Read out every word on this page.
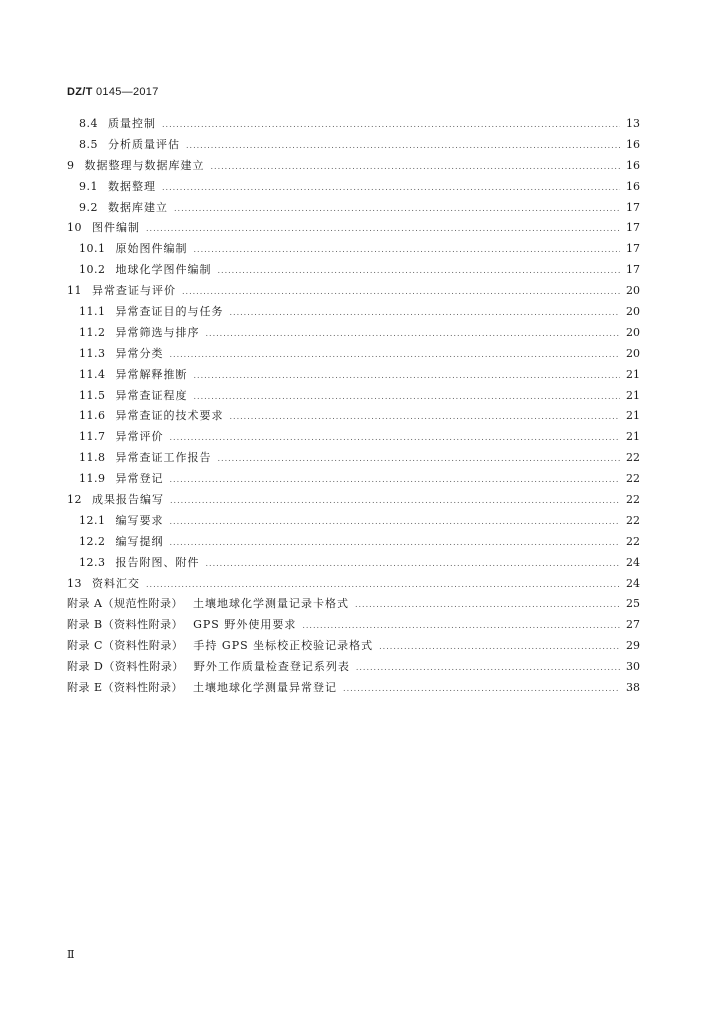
DZ/T 0145—2017
8.4 质量控制 .....	13
8.5 分析质量评估 .....	16
9 数据整理与数据库建立 .....	16
9.1 数据整理 .....	16
9.2 数据库建立 .....	17
10 图件编制 .....	17
10.1 原始图件编制 .....	17
10.2 地球化学图件编制 .....	17
11 异常查证与评价 .....	20
11.1 异常查证目的与任务 .....	20
11.2 异常筛选与排序 .....	20
11.3 异常分类 .....	20
11.4 异常解释推断 .....	21
11.5 异常查证程度 .....	21
11.6 异常查证的技术要求 .....	21
11.7 异常评价 .....	21
11.8 异常查证工作报告 .....	22
11.9 异常登记 .....	22
12 成果报告编写 .....	22
12.1 编写要求 .....	22
12.2 编写提纲 .....	22
12.3 报告附图、附件 .....	24
13 资料汇交 .....	24
附录 A（规范性附录） 土壤地球化学测量记录卡格式 .....	25
附录 B（资料性附录） GPS 野外使用要求 .....	27
附录 C（资料性附录） 手持 GPS 坐标校正校验记录格式 .....	29
附录 D（资料性附录） 野外工作质量检查登记系列表 .....	30
附录 E（资料性附录） 土壤地球化学测量异常登记 .....	38
Ⅱ
